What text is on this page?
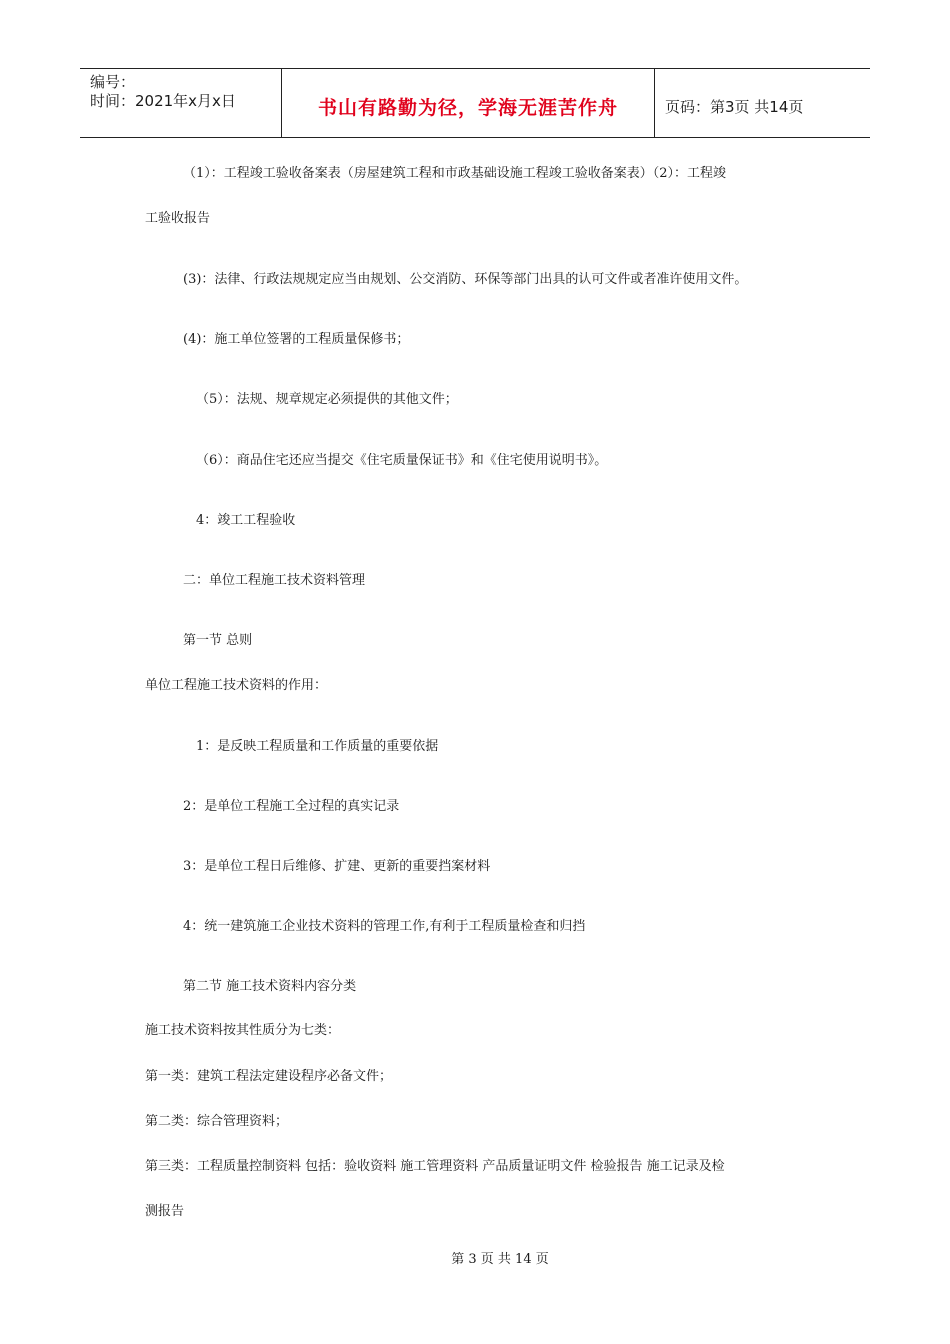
编号：
时间：2021年x月x日	书山有路勤为径，学海无涯苦作舟	页码：第3页 共14页
（1）：工程竣工验收备案表（房屋建筑工程和市政基础设施工程竣工验收备案表）（2）：工程竣
工验收报告
(3)：法律、行政法规规定应当由规划、公交消防、环保等部门出具的认可文件或者准许使用文件。
(4)：施工单位签署的工程质量保修书；
（5）：法规、规章规定必须提供的其他文件；
（6）：商品住宅还应当提交《住宅质量保证书》和《住宅使用说明书》。
4：竣工工程验收
二：单位工程施工技术资料管理
第一节 总则
单位工程施工技术资料的作用：
1：是反映工程质量和工作质量的重要依据
2：是单位工程施工全过程的真实记录
3：是单位工程日后维修、扩建、更新的重要挡案材料
4：统一建筑施工企业技术资料的管理工作,有利于工程质量检查和归挡
第二节 施工技术资料内容分类
施工技术资料按其性质分为七类：
第一类：建筑工程法定建设程序必备文件；
第二类：综合管理资料；
第三类：工程质量控制资料 包括：验收资料 施工管理资料 产品质量证明文件 检验报告 施工记录及检
测报告
第 3 页 共 14 页
